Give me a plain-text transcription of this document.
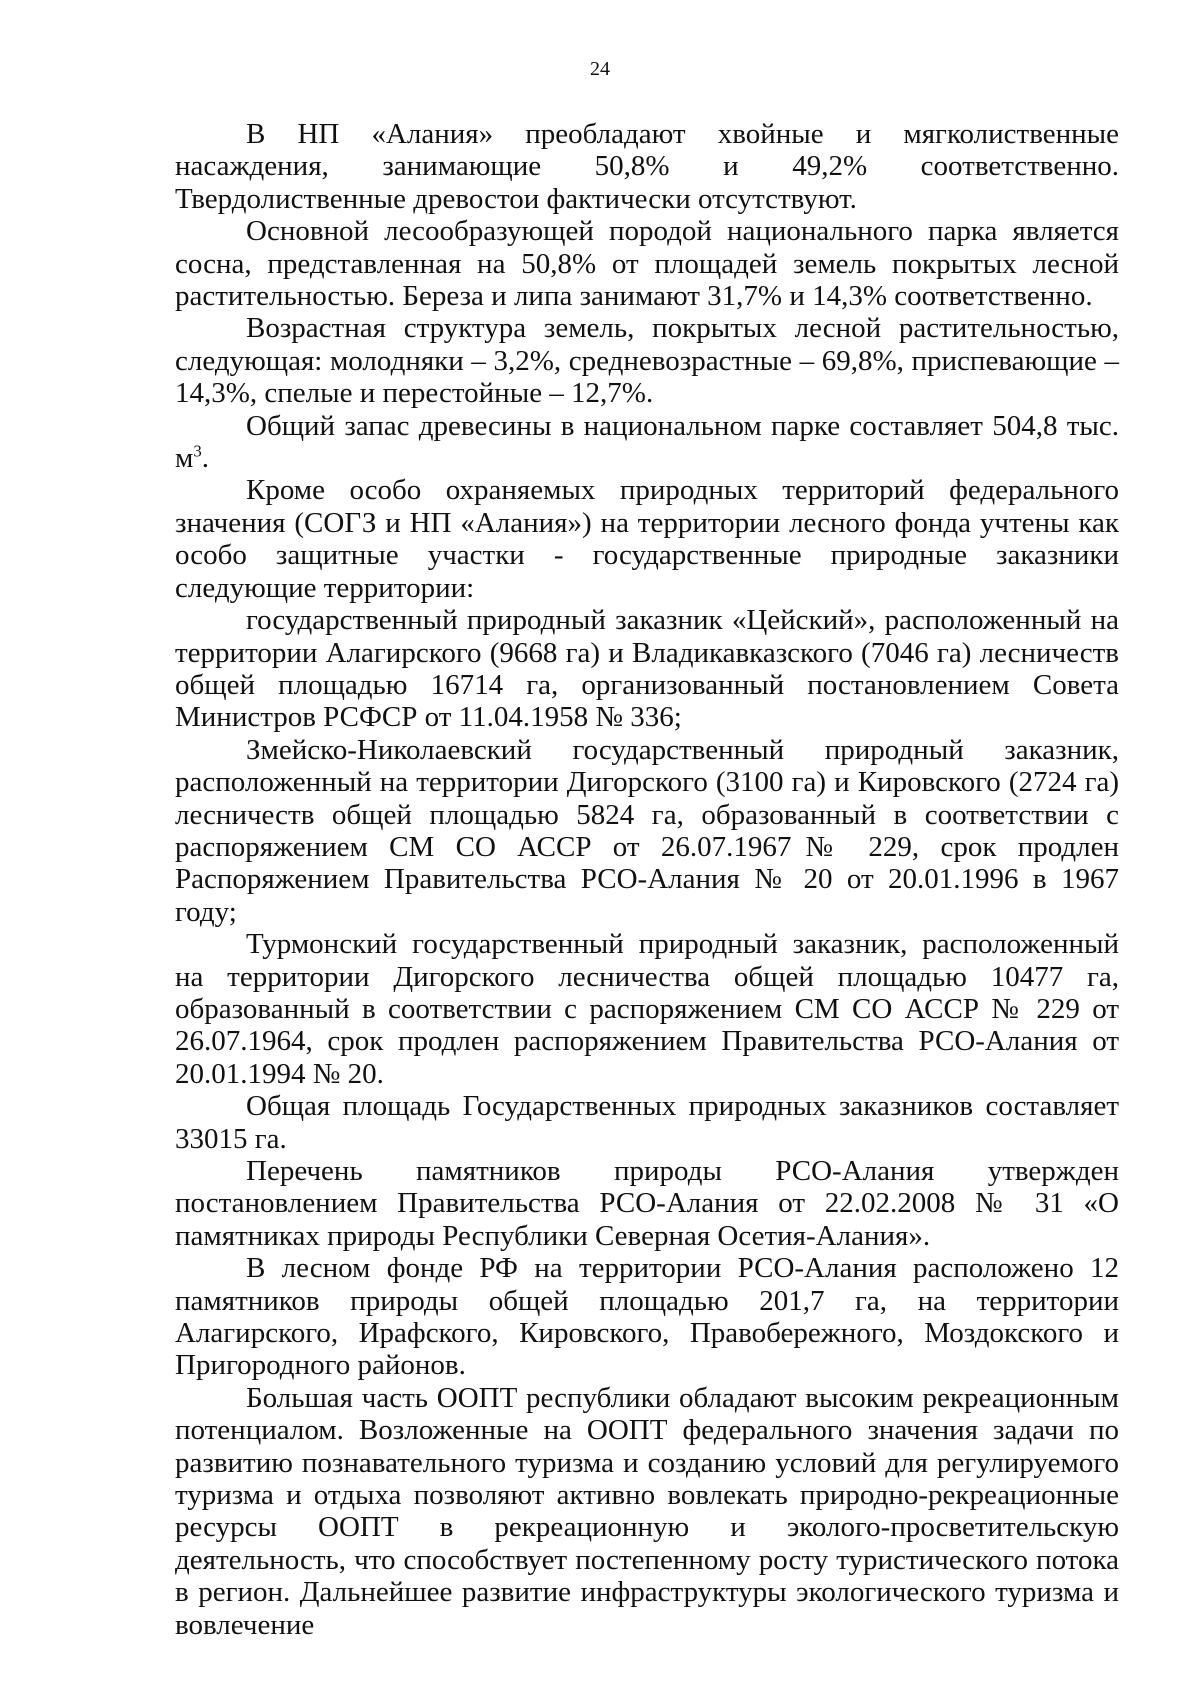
24

В НП «Алания» преобладают хвойные и мягколиственные насаждения, занимающие 50,8% и 49,2% соответственно. Твердолиственные древостои фактически отсутствуют.

Основной лесообразующей породой национального парка является сосна, представленная на 50,8% от площадей земель покрытых лесной растительностью. Береза и липа занимают 31,7% и 14,3% соответственно.

Возрастная структура земель, покрытых лесной растительностью, следующая: молодняки – 3,2%, средневозрастные – 69,8%, приспевающие – 14,3%, спелые и перестойные – 12,7%.

Общий запас древесины в национальном парке составляет 504,8 тыс. $м^3$.

Кроме особо охраняемых природных территорий федерального значения (СОГЗ и НП «Алания») на территории лесного фонда учтены как особо защитные участки - государственные природные заказники следующие территории:

государственный природный заказник «Цейский», расположенный на территории Алагирского (9668 га) и Владикавказского (7046 га) лесничеств общей площадью 16714 га, организованный постановлением Совета Министров РСФСР от 11.04.1958 № 336;

Змейско-Николаевский государственный природный заказник, расположенный на территории Дигорского (3100 га) и Кировского (2724 га) лесничеств общей площадью 5824 га, образованный в соответствии с распоряжением СМ СО АССР от 26.07.1967№ 229, срок продлен Распоряжением Правительства РСО-Алания № 20 от 20.01.1996 в 1967 году;

Турмонский государственный природный заказник, расположенный на территории Дигорского лесничества общей площадью 10477 га, образованный в соответствии с распоряжением СМ СО АССР № 229 от 26.07.1964, срок продлен распоряжением Правительства РСО-Алания от 20.01.1994 № 20.

Общая площадь Государственных природных заказников составляет 33015 га.

Перечень памятников природы РСО-Алания утвержден постановлением Правительства РСО-Алания от 22.02.2008 № 31 «О памятниках природы Республики Северная Осетия-Алания».

В лесном фонде РФ на территории РСО-Алания расположено 12 памятников природы общей площадью 201,7 га, на территории Алагирского, Ирафского, Кировского, Правобережного, Моздокского и Пригородного районов.

Большая часть ООПТ республики обладают высоким рекреационным потенциалом. Возложенные на ООПТ федерального значения задачи по развитию познавательного туризма и созданию условий для регулируемого туризма и отдыха позволяют активно вовлекать природно-рекреационные ресурсы ООПТ в рекреационную и эколого-просветительскую деятельность, что способствует постепенному росту туристического потока в регион. Дальнейшее развитие инфраструктуры экологического туризма и вовлечение
